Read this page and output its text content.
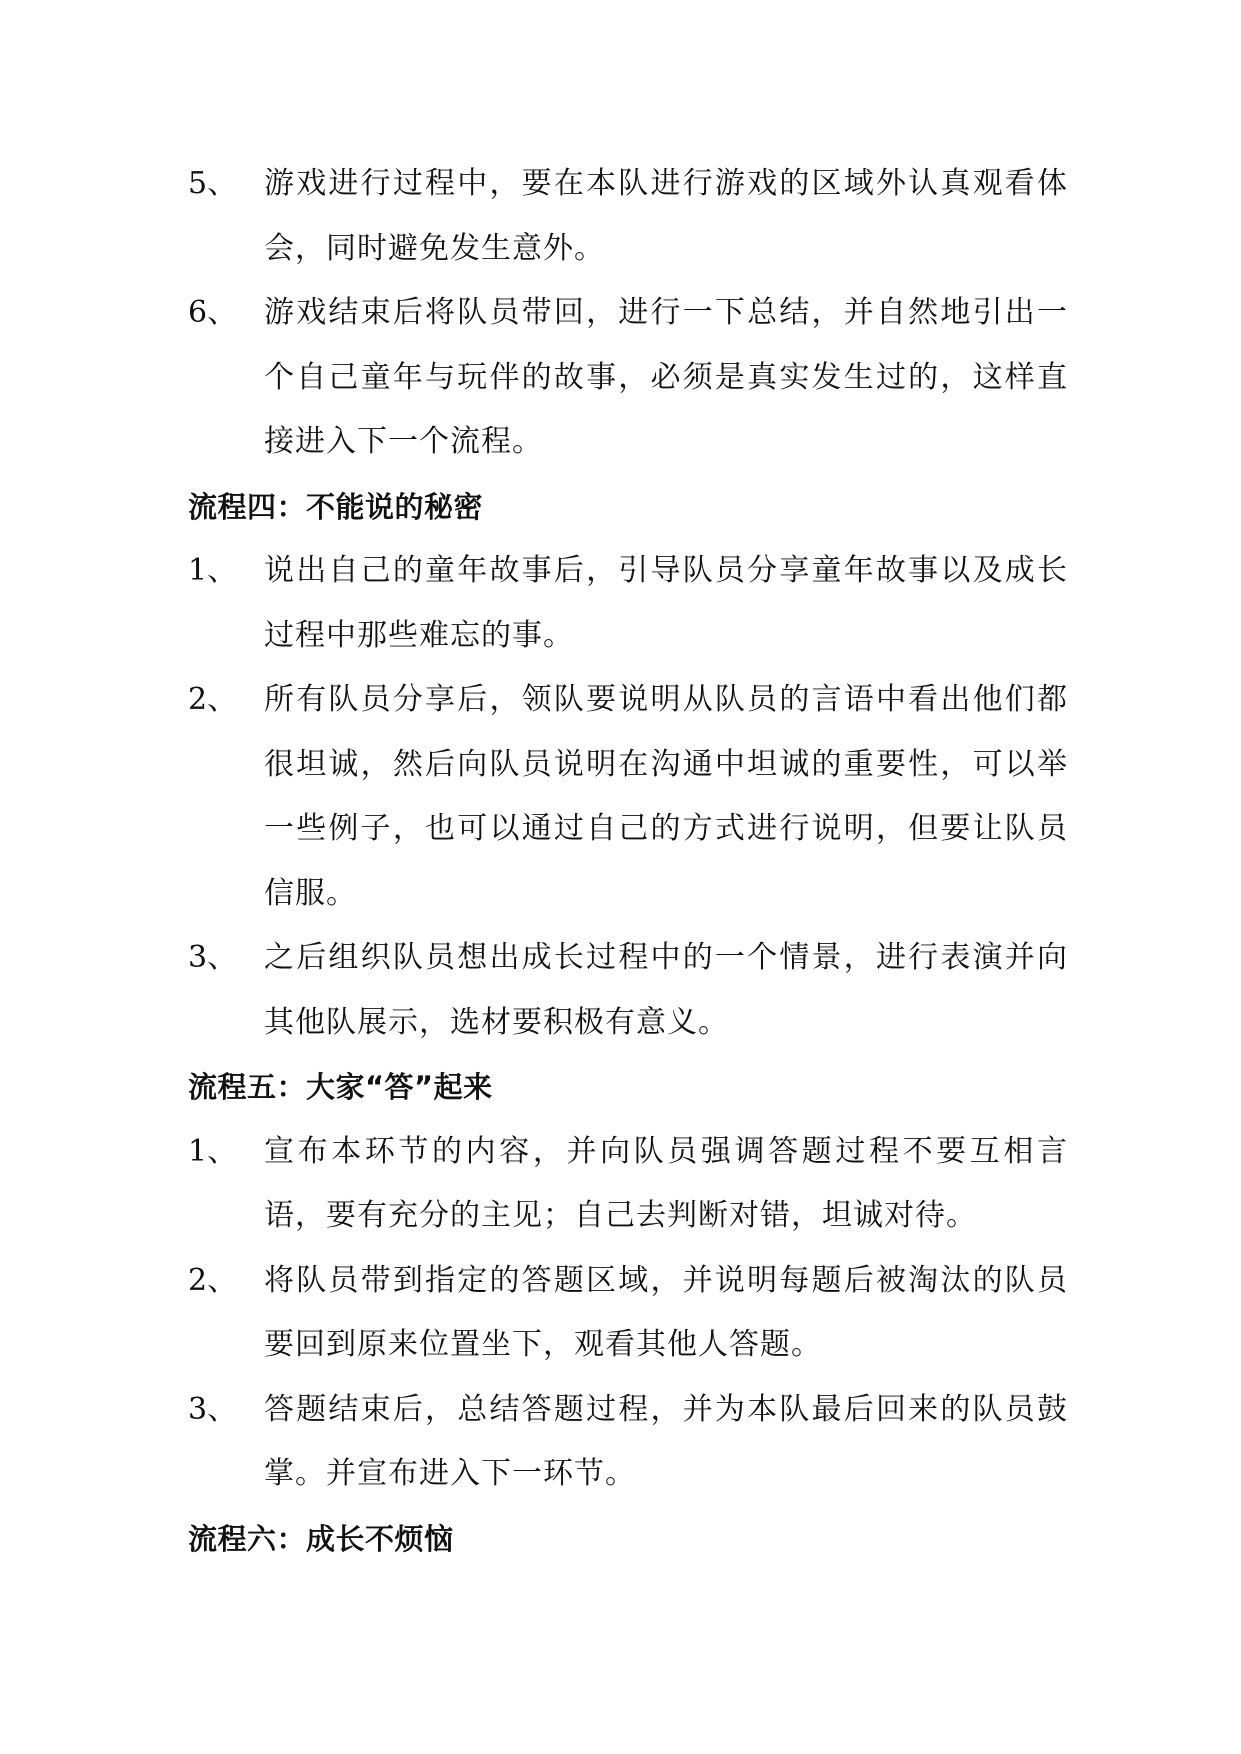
5、 游戏进行过程中，要在本队进行游戏的区域外认真观看体会，同时避免发生意外。
6、 游戏结束后将队员带回，进行一下总结，并自然地引出一个自己童年与玩伴的故事，必须是真实发生过的，这样直接进入下一个流程。
流程四：不能说的秘密
1、 说出自己的童年故事后，引导队员分享童年故事以及成长过程中那些难忘的事。
2、 所有队员分享后，领队要说明从队员的言语中看出他们都很坦诚，然后向队员说明在沟通中坦诚的重要性，可以举一些例子，也可以通过自己的方式进行说明，但要让队员信服。
3、 之后组织队员想出成长过程中的一个情景，进行表演并向其他队展示，选材要积极有意义。
流程五：大家“答”起来
1、 宣布本环节的内容，并向队员强调答题过程不要互相言语，要有充分的主见；自己去判断对错，坦诚对待。
2、 将队员带到指定的答题区域，并说明每题后被淘汰的队员要回到原来位置坐下，观看其他人答题。
3、 答题结束后，总结答题过程，并为本队最后回来的队员鼓掌。并宣布进入下一环节。
流程六：成长不烦恼
